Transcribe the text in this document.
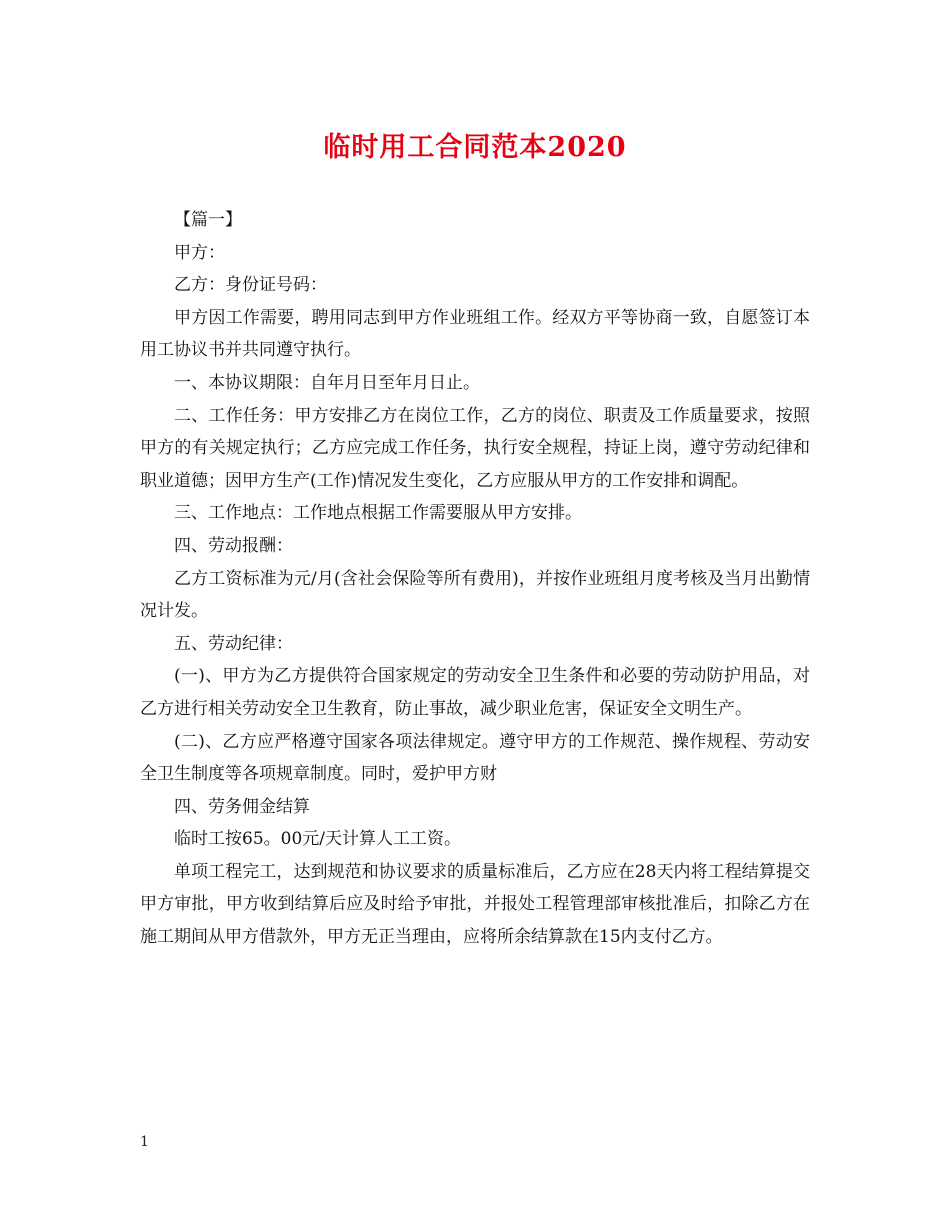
临时用工合同范本2020

【篇一】

甲方：

乙方：身份证号码：

甲方因工作需要，聘用同志到甲方作业班组工作。经双方平等协商一致，自愿签订本用工协议书并共同遵守执行。

一、本协议期限：自年月日至年月日止。

二、工作任务：甲方安排乙方在岗位工作，乙方的岗位、职责及工作质量要求，按照甲方的有关规定执行；乙方应完成工作任务，执行安全规程，持证上岗，遵守劳动纪律和职业道德；因甲方生产(工作)情况发生变化，乙方应服从甲方的工作安排和调配。

三、工作地点：工作地点根据工作需要服从甲方安排。

四、劳动报酬：

乙方工资标准为元/月(含社会保险等所有费用)，并按作业班组月度考核及当月出勤情况计发。

五、劳动纪律：

(一)、甲方为乙方提供符合国家规定的劳动安全卫生条件和必要的劳动防护用品，对乙方进行相关劳动安全卫生教育，防止事故，减少职业危害，保证安全文明生产。

(二)、乙方应严格遵守国家各项法律规定。遵守甲方的工作规范、操作规程、劳动安全卫生制度等各项规章制度。同时，爱护甲方财

四、劳务佣金结算

临时工按65。00元/天计算人工工资。

单项工程完工，达到规范和协议要求的质量标准后，乙方应在28天内将工程结算提交甲方审批，甲方收到结算后应及时给予审批，并报处工程管理部审核批准后，扣除乙方在施工期间从甲方借款外，甲方无正当理由，应将所余结算款在15内支付乙方。

1
